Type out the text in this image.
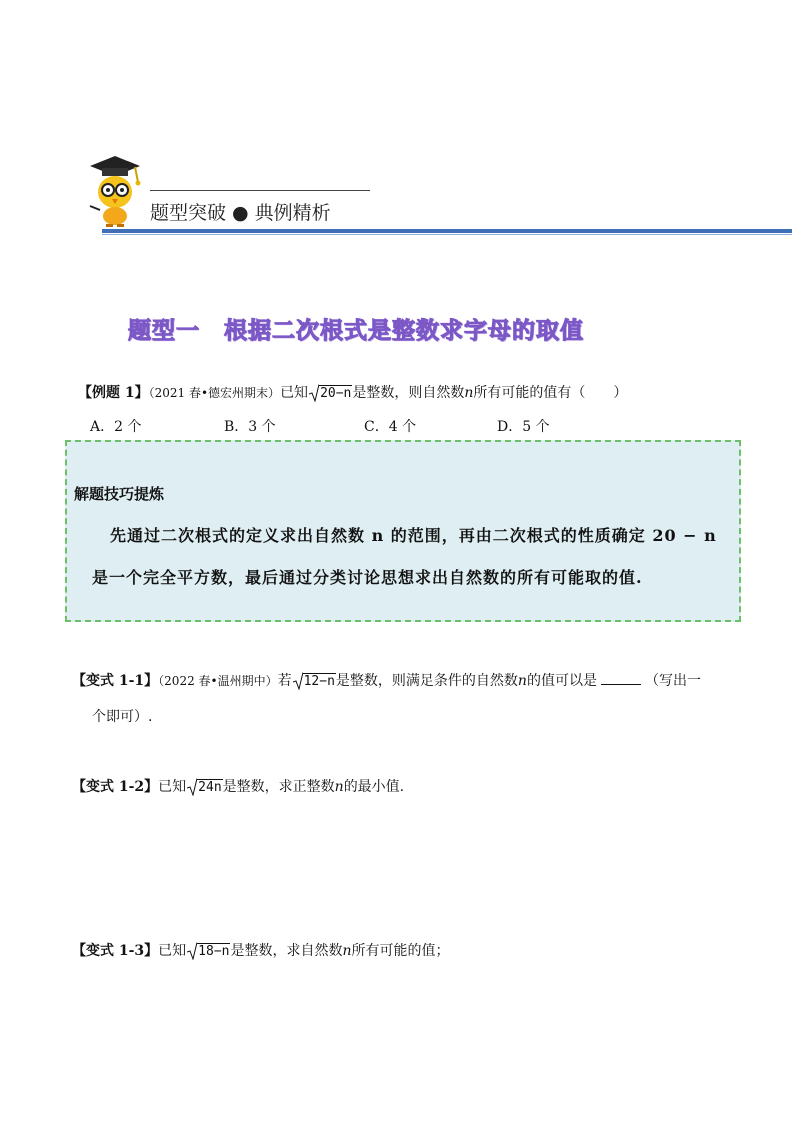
题型突破 ● 典例精析
题型一　根据二次根式是整数求字母的取值
【例题 1】（2021 春•德宏州期末）已知 20−n是整数，则自然数n所有可能的值有（　　）
A．2 个	B．3 个	C．4 个	D．5 个
解题技巧提炼
先通过二次根式的定义求出自然数 n 的范围，再由二次根式的性质确定 20 − n
是一个完全平方数，最后通过分类讨论思想求出自然数的所有可能取的值.
【变式 1-1】（2022 春•温州期中）若 12−n是整数，则满足条件的自然数n的值可以是	（写出一
个即可）.
【变式 1-2】已知 24n是整数，求正整数n的最小值.
【变式 1-3】已知 18−n是整数，求自然数n所有可能的值；
